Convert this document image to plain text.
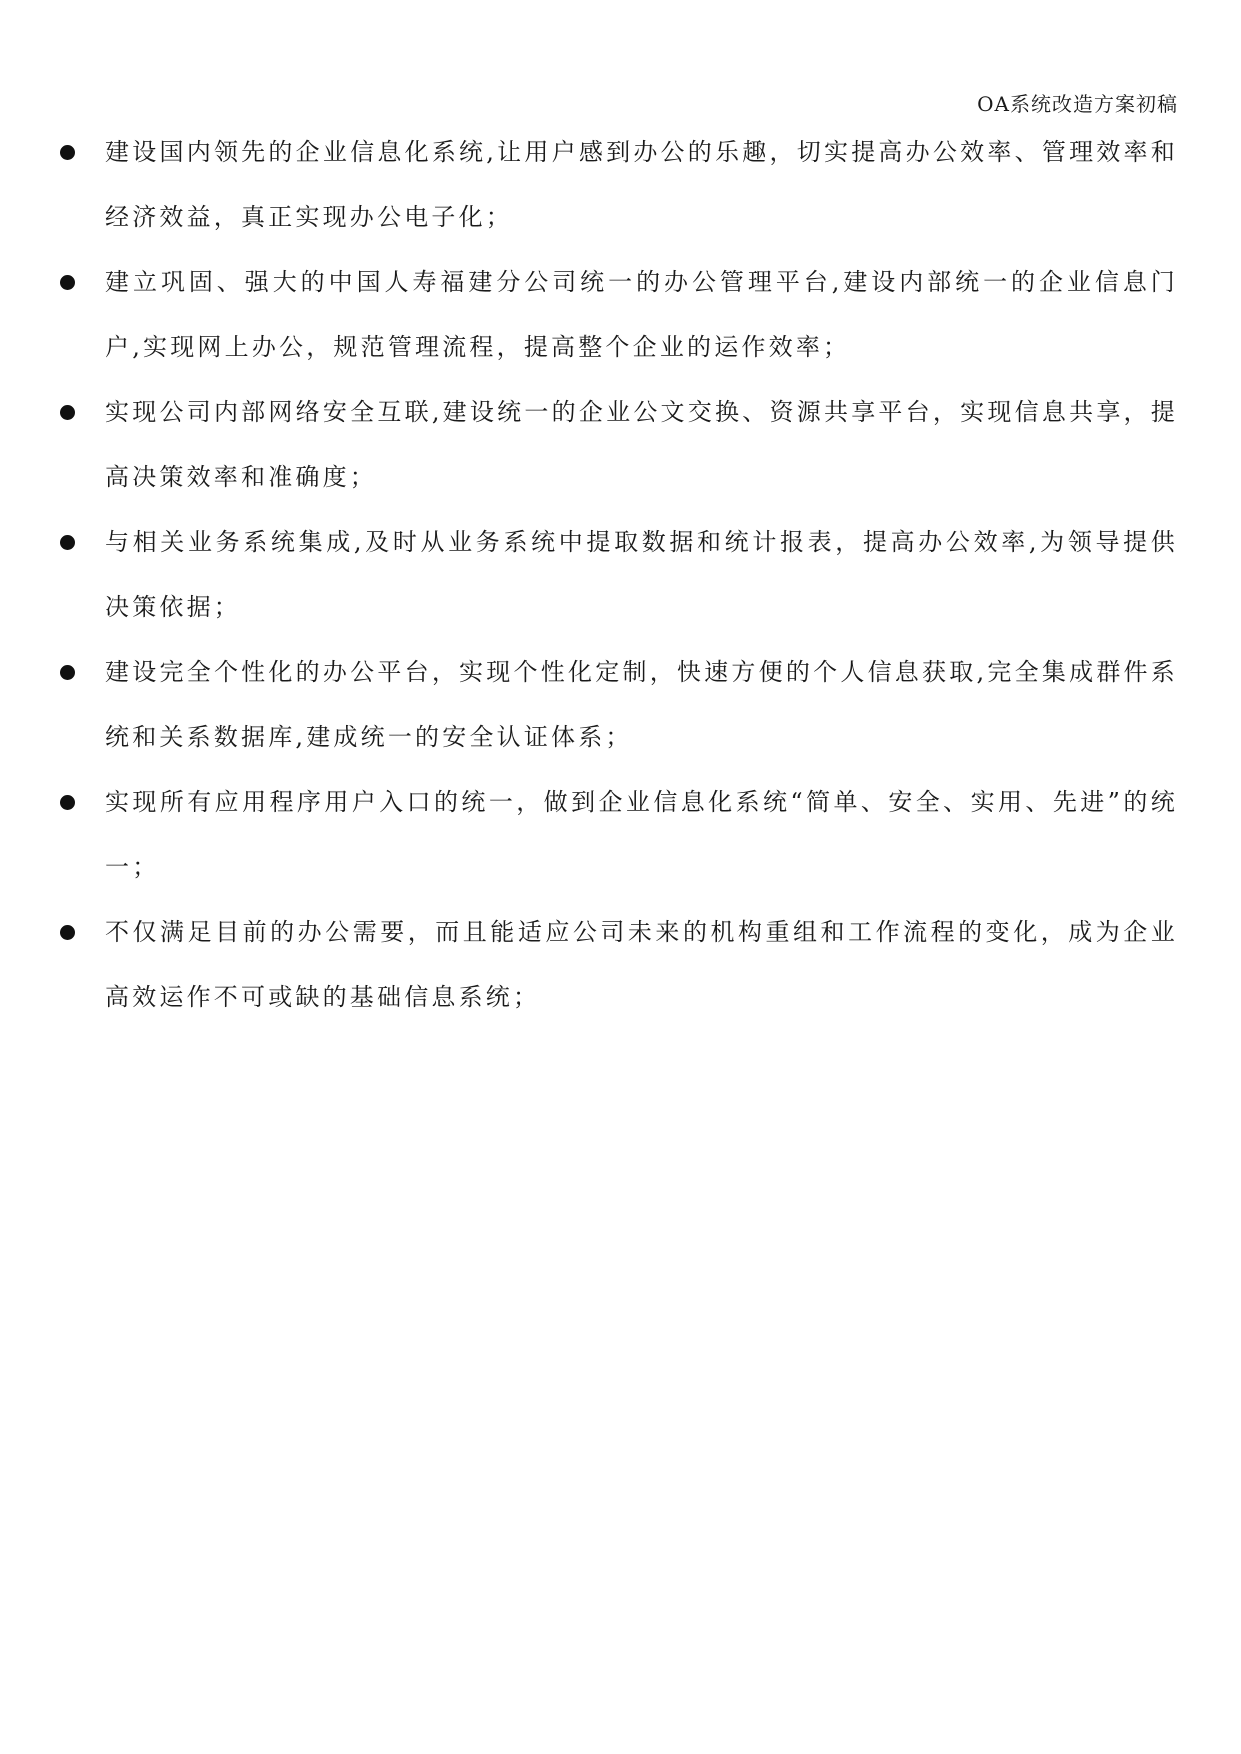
OA系统改造方案初稿
建设国内领先的企业信息化系统,让用户感到办公的乐趣，切实提高办公效率、管理效率和经济效益，真正实现办公电子化；
建立巩固、强大的中国人寿福建分公司统一的办公管理平台,建设内部统一的企业信息门户,实现网上办公，规范管理流程，提高整个企业的运作效率；
实现公司内部网络安全互联,建设统一的企业公文交换、资源共享平台，实现信息共享，提高决策效率和准确度；
与相关业务系统集成,及时从业务系统中提取数据和统计报表，提高办公效率,为领导提供决策依据；
建设完全个性化的办公平台，实现个性化定制，快速方便的个人信息获取,完全集成群件系统和关系数据库,建成统一的安全认证体系；
实现所有应用程序用户入口的统一，做到企业信息化系统“简单、安全、实用、先进”的统一；
不仅满足目前的办公需要，而且能适应公司未来的机构重组和工作流程的变化，成为企业高效运作不可或缺的基础信息系统；
